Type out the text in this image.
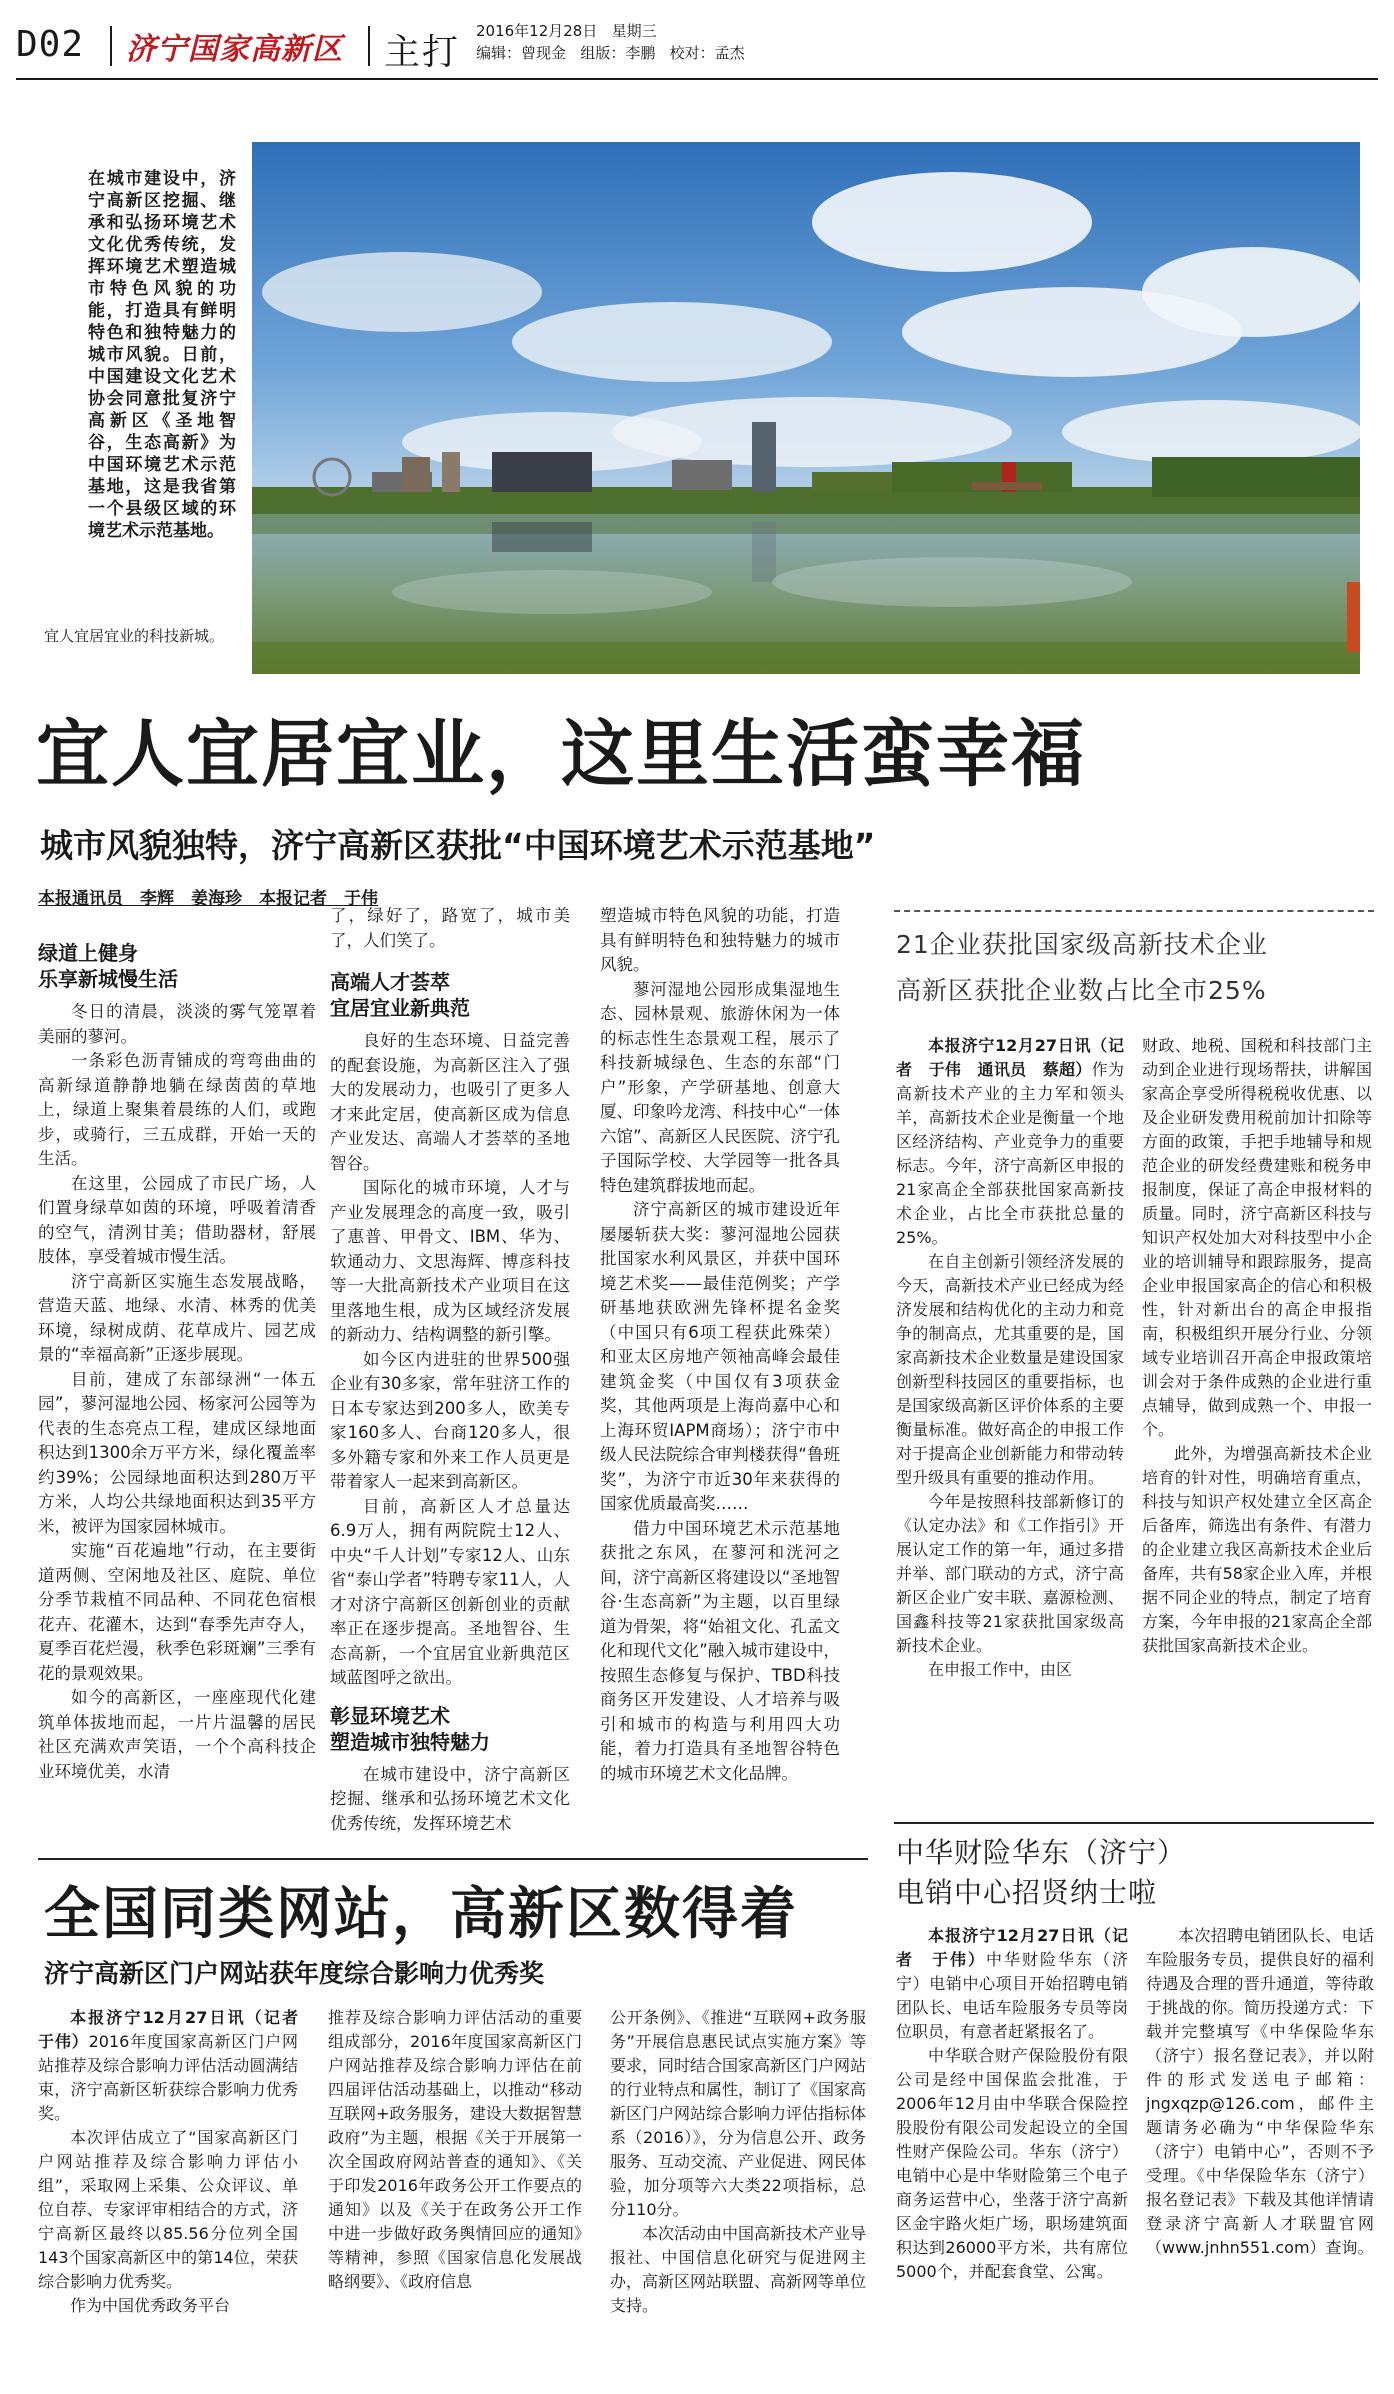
D02 济宁国家高新区 主打
2016年12月28日 星期三
编辑：曾现金 组版：李鹏 校对：孟杰
在城市建设中，济宁高新区挖掘、继承和弘扬环境艺术文化优秀传统，发挥环境艺术塑造城市特色风貌的功能，打造具有鲜明特色和独特魅力的城市风貌。日前，中国建设文化艺术协会同意批复济宁高新区《圣地智谷，生态高新》为中国环境艺术示范基地，这是我省第一个县级区域的环境艺术示范基地。
宜人宜居宜业的科技新城。
宜人宜居宜业，这里生活蛮幸福
城市风貌独特，济宁高新区获批“中国环境艺术示范基地”
本报通讯员　李辉　姜海珍　本报记者　于伟
绿道上健身
乐享新城慢生活

冬日的清晨，淡淡的雾气笼罩着美丽的蓼河。

一条彩色沥青铺成的弯弯曲曲的高新绿道静静地躺在绿茵茵的草地上，绿道上聚集着晨练的人们，或跑步，或骑行，三五成群，开始一天的生活。

在这里，公园成了市民广场，人们置身绿草如茵的环境，呼吸着清香的空气，清洌甘美；借助器材，舒展肢体，享受着城市慢生活。

济宁高新区实施生态发展战略，营造天蓝、地绿、水清、林秀的优美环境，绿树成荫、花草成片、园艺成景的“幸福高新”正逐步展现。

目前，建成了东部绿洲“一体五园”，蓼河湿地公园、杨家河公园等为代表的生态亮点工程，建成区绿地面积达到1300余万平方米，绿化覆盖率约39%；公园绿地面积达到280万平方米，人均公共绿地面积达到35平方米，被评为国家园林城市。

实施“百花遍地”行动，在主要街道两侧、空闲地及社区、庭院、单位分季节栽植不同品种、不同花色宿根花卉、花灌木，达到“春季先声夺人，夏季百花烂漫，秋季色彩斑斓”三季有花的景观效果。

如今的高新区，一座座现代化建筑单体拔地而起，一片片温馨的居民社区充满欢声笑语，一个个高科技企业环境优美，水清

了，绿好了，路宽了，城市美了，人们笑了。

高端人才荟萃
宜居宜业新典范

良好的生态环境、日益完善的配套设施，为高新区注入了强大的发展动力，也吸引了更多人才来此定居，使高新区成为信息产业发达、高端人才荟萃的圣地智谷。

国际化的城市环境，人才与产业发展理念的高度一致，吸引了惠普、甲骨文、IBM、华为、软通动力、文思海辉、博彦科技等一大批高新技术产业项目在这里落地生根，成为区域经济发展的新动力、结构调整的新引擎。

如今区内进驻的世界500强企业有30多家，常年驻济工作的日本专家达到200多人，欧美专家160多人、台商120多人，很多外籍专家和外来工作人员更是带着家人一起来到高新区。

目前，高新区人才总量达6.9万人，拥有两院院士12人、中央“千人计划”专家12人、山东省“泰山学者”特聘专家11人，人才对济宁高新区创新创业的贡献率正在逐步提高。圣地智谷、生态高新，一个宜居宜业新典范区域蓝图呼之欲出。

彰显环境艺术
塑造城市独特魅力

在城市建设中，济宁高新区挖掘、继承和弘扬环境艺术文化优秀传统，发挥环境艺术

塑造城市特色风貌的功能，打造具有鲜明特色和独特魅力的城市风貌。

蓼河湿地公园形成集湿地生态、园林景观、旅游休闲为一体的标志性生态景观工程，展示了科技新城绿色、生态的东部“门户”形象，产学研基地、创意大厦、印象吟龙湾、科技中心“一体六馆”、高新区人民医院、济宁孔子国际学校、大学园等一批各具特色建筑群拔地而起。

济宁高新区的城市建设近年屡屡斩获大奖：蓼河湿地公园获批国家水利风景区，并获中国环境艺术奖——最佳范例奖；产学研基地获欧洲先锋杯提名金奖（中国只有6项工程获此殊荣）和亚太区房地产领袖高峰会最佳建筑金奖（中国仅有3项获金奖，其他两项是上海尚嘉中心和上海环贸IAPM商场）；济宁市中级人民法院综合审判楼获得“鲁班奖”，为济宁市近30年来获得的国家优质最高奖……

借力中国环境艺术示范基地获批之东风，在蓼河和洸河之间，济宁高新区将建设以“圣地智谷·生态高新”为主题，以百里绿道为骨架，将“始祖文化、孔孟文化和现代文化”融入城市建设中，按照生态修复与保护、TBD科技商务区开发建设、人才培养与吸引和城市的构造与利用四大功能，着力打造具有圣地智谷特色的城市环境艺术文化品牌。

21企业获批国家级高新技术企业
高新区获批企业数占比全市25%

本报济宁12月27日讯（记者　于伟　通讯员　蔡超）作为高新技术产业的主力军和领头羊，高新技术企业是衡量一个地区经济结构、产业竞争力的重要标志。今年，济宁高新区申报的21家高企全部获批国家高新技术企业，占比全市获批总量的25%。

在自主创新引领经济发展的今天，高新技术产业已经成为经济发展和结构优化的主动力和竞争的制高点，尤其重要的是，国家高新技术企业数量是建设国家创新型科技园区的重要指标，也是国家级高新区评价体系的主要衡量标准。做好高企的申报工作对于提高企业创新能力和带动转型升级具有重要的推动作用。

今年是按照科技部新修订的《认定办法》和《工作指引》开展认定工作的第一年，通过多措并举、部门联动的方式，济宁高新区企业广安丰联、嘉源检测、国鑫科技等21家获批国家级高新技术企业。

在申报工作中，由区

财政、地税、国税和科技部门主动到企业进行现场帮扶，讲解国家高企享受所得税税收优惠、以及企业研发费用税前加计扣除等方面的政策，手把手地辅导和规范企业的研发经费建账和税务申报制度，保证了高企申报材料的质量。同时，济宁高新区科技与知识产权处加大对科技型中小企业的培训辅导和跟踪服务，提高企业申报国家高企的信心和积极性，针对新出台的高企申报指南，积极组织开展分行业、分领域专业培训召开高企申报政策培训会对于条件成熟的企业进行重点辅导，做到成熟一个、申报一个。

此外，为增强高新技术企业培育的针对性，明确培育重点，科技与知识产权处建立全区高企后备库，筛选出有条件、有潜力的企业建立我区高新技术企业后备库，共有58家企业入库，并根据不同企业的特点，制定了培育方案，今年申报的21家高企全部获批国家高新技术企业。

中华财险华东（济宁）
电销中心招贤纳士啦

本报济宁12月27日讯（记者　于伟）中华财险华东（济宁）电销中心项目开始招聘电销团队长、电话车险服务专员等岗位职员，有意者赶紧报名了。

中华联合财产保险股份有限公司是经中国保监会批准，于2006年12月由中华联合保险控股股份有限公司发起设立的全国性财产保险公司。华东（济宁）电销中心是中华财险第三个电子商务运营中心，坐落于济宁高新区金宇路火炬广场，职场建筑面积达到26000平方米，共有席位5000个，并配套食堂、公寓。

本次招聘电销团队长、电话车险服务专员，提供良好的福利待遇及合理的晋升通道，等待敢于挑战的你。简历投递方式：下载并完整填写《中华保险华东（济宁）报名登记表》，并以附件的形式发送电子邮箱：jngxqzp@126.com，邮件主题请务必确为“中华保险华东（济宁）电销中心”，否则不予受理。《中华保险华东（济宁）报名登记表》下载及其他详情请登录济宁高新人才联盟官网（www.jnhn551.com）查询。

全国同类网站，高新区数得着
济宁高新区门户网站获年度综合影响力优秀奖

本报济宁12月27日讯（记者　于伟）2016年度国家高新区门户网站推荐及综合影响力评估活动圆满结束，济宁高新区斩获综合影响力优秀奖。

本次评估成立了“国家高新区门户网站推荐及综合影响力评估小组”，采取网上采集、公众评议、单位自荐、专家评审相结合的方式，济宁高新区最终以85.56分位列全国143个国家高新区中的第14位，荣获综合影响力优秀奖。

作为中国优秀政务平台

推荐及综合影响力评估活动的重要组成部分，2016年度国家高新区门户网站推荐及综合影响力评估在前四届评估活动基础上，以推动“移动互联网+政务服务，建设大数据智慧政府”为主题，根据《关于开展第一次全国政府网站普查的通知》、《关于印发2016年政务公开工作要点的通知》以及《关于在政务公开工作中进一步做好政务舆情回应的通知》等精神，参照《国家信息化发展战略纲要》、《政府信息

公开条例》、《推进“互联网+政务服务”开展信息惠民试点实施方案》等要求，同时结合国家高新区门户网站的行业特点和属性，制订了《国家高新区门户网站综合影响力评估指标体系（2016）》，分为信息公开、政务服务、互动交流、产业促进、网民体验，加分项等六大类22项指标，总分110分。

本次活动由中国高新技术产业导报社、中国信息化研究与促进网主办，高新区网站联盟、高新网等单位支持。
